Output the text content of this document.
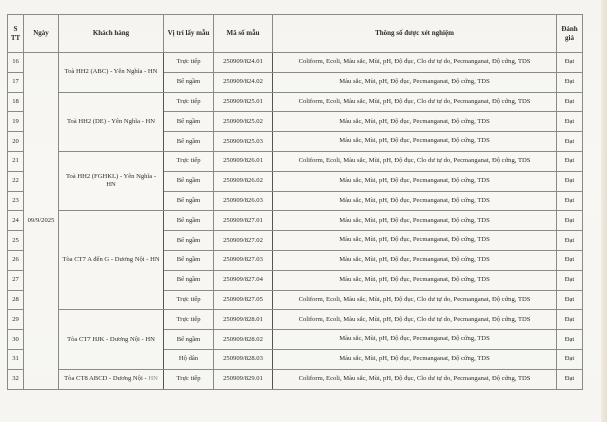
S TT	Ngày	Khách hàng	Vị trí lấy mẫu	Mã số mẫu	Thông số được xét nghiệm	Đánh giá
16	09/9/2025	Toà HH2 (ABC) - Yên Nghĩa - HN	Trực tiếp	250909/824.01	Coliform, Ecoli, Màu sắc, Mùi, pH, Độ đục, Clo dư tự do, Pecmanganat, Độ cứng, TDS	Đạt
17			Bể ngầm	250909/824.02	Màu sắc, Mùi, pH, Độ đục, Pecmanganat, Độ cứng, TDS	Đạt
18		Toà HH2 (DE) - Yên Nghĩa - HN	Trực tiếp	250909/825.01	Coliform, Ecoli, Màu sắc, Mùi, pH, Độ đục, Clo dư tự do, Pecmanganat, Độ cứng, TDS	Đạt
19			Bể ngầm	250909/825.02	Màu sắc, Mùi, pH, Độ đục, Pecmanganat, Độ cứng, TDS	Đạt
20			Bể ngầm	250909/825.03	Màu sắc, Mùi, pH, Độ đục, Pecmanganat, Độ cứng, TDS	Đạt
21		Toà HH2 (FGHKL) - Yên Nghĩa - HN	Trực tiếp	250909/826.01	Coliform, Ecoli, Màu sắc, Mùi, pH, Độ đục, Clo dư tự do, Pecmanganat, Độ cứng, TDS	Đạt
22			Bể ngầm	250909/826.02	Màu sắc, Mùi, pH, Độ đục, Pecmanganat, Độ cứng, TDS	Đạt
23			Bể ngầm	250909/826.03	Màu sắc, Mùi, pH, Độ đục, Pecmanganat, Độ cứng, TDS	Đạt
24		Tòa CT7 A đến G - Dương Nội - HN	Bể ngầm	250909/827.01	Màu sắc, Mùi, pH, Độ đục, Pecmanganat, Độ cứng, TDS	Đạt
25			Bể ngầm	250909/827.02	Màu sắc, Mùi, pH, Độ đục, Pecmanganat, Độ cứng, TDS	Đạt
26			Bể ngầm	250909/827.03	Màu sắc, Mùi, pH, Độ đục, Pecmanganat, Độ cứng, TDS	Đạt
27			Bể ngầm	250909/827.04	Màu sắc, Mùi, pH, Độ đục, Pecmanganat, Độ cứng, TDS	Đạt
28			Trực tiếp	250909/827.05	Coliform, Ecoli, Màu sắc, Mùi, pH, Độ đục, Clo dư tự do, Pecmanganat, Độ cứng, TDS	Đạt
29		Tòa CT7 HJK - Dương Nội - HN	Trực tiếp	250909/828.01	Coliform, Ecoli, Màu sắc, Mùi, pH, Độ đục, Clo dư tự do, Pecmanganat, Độ cứng, TDS	Đạt
30			Bể ngầm	250909/828.02	Màu sắc, Mùi, pH, Độ đục, Pecmanganat, Độ cứng, TDS	Đạt
31			Hộ dân	250909/828.03	Màu sắc, Mùi, pH, Độ đục, Pecmanganat, Độ cứng, TDS	Đạt
32		Tòa CT8 ABCD - Dương Nội - HN	Trực tiếp	250909/829.01	Coliform, Ecoli, Màu sắc, Mùi, pH, Độ đục, Clo dư tự do, Pecmanganat, Độ cứng, TDS	Đạt
